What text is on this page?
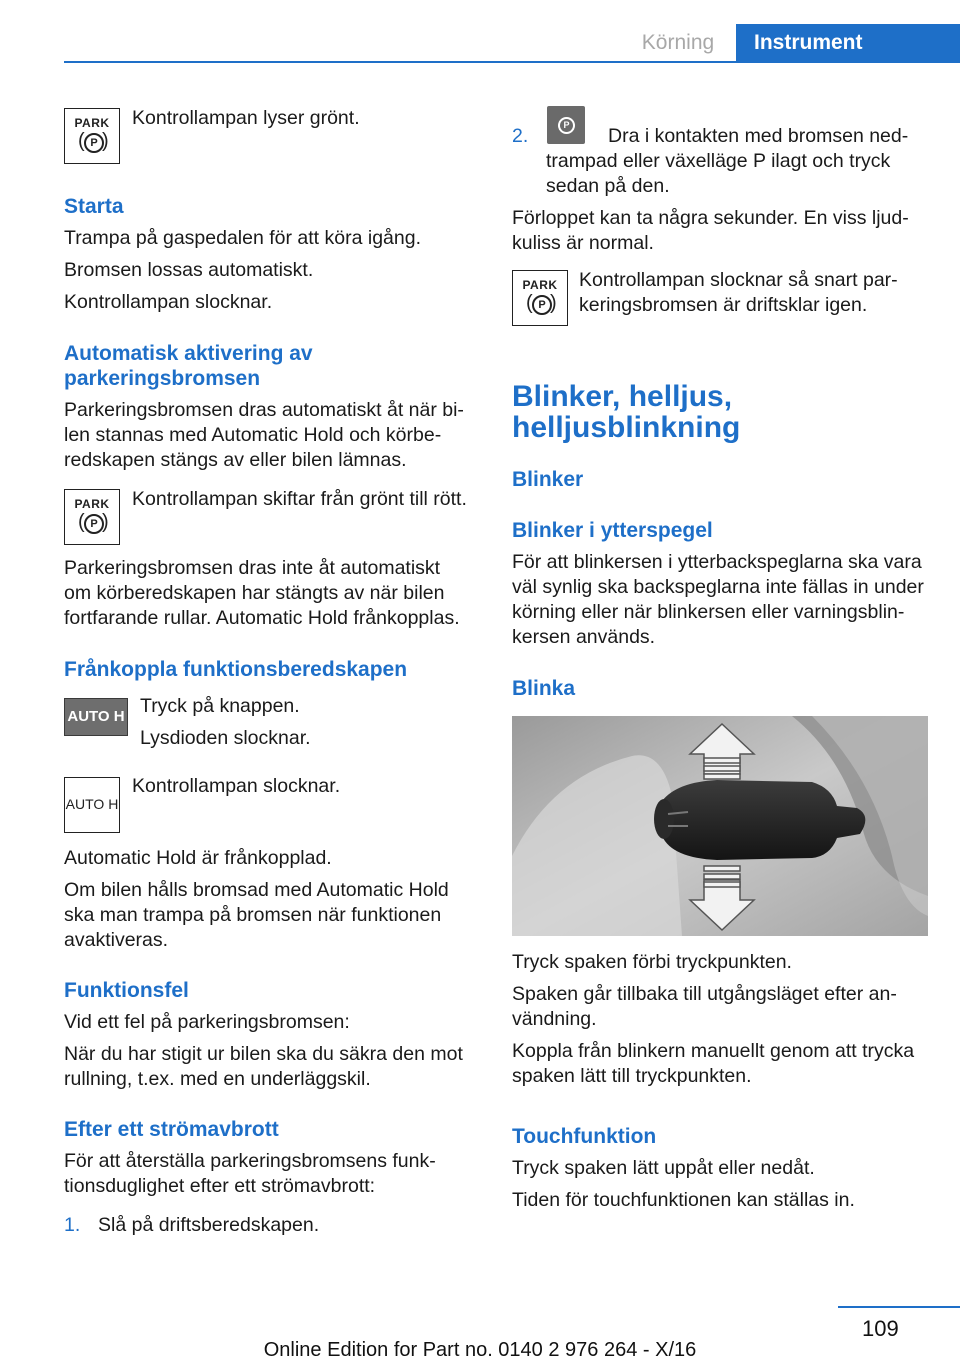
Körning	Instrument
PARK
( P )

Kontrollampan lyser grönt.

Starta

Trampa på gaspedalen för att köra igång.

Bromsen lossas automatiskt.

Kontrollampan slocknar.

Automatisk aktivering av
parkeringsbromsen

Parkeringsbromsen dras automatiskt åt när bi‐

len stannas med Automatic Hold och körbe‐

redskapen stängs av eller bilen lämnas.

PARK
( P )

Kontrollampan skiftar från grönt till rött.

Parkeringsbromsen dras inte åt automatiskt

om körberedskapen har stängts av när bilen

fortfarande rullar. Automatic Hold frånkopplas.

Frånkoppla funktionsberedskapen
AUTO H Tryck på knappen.

Lysdioden slocknar.

AUTO H

Kontrollampan slocknar.

Automatic Hold är frånkopplad.

Om bilen hålls bromsad med Automatic Hold

ska man trampa på bromsen när funktionen

avaktiveras.

Funktionsfel

Vid ett fel på parkeringsbromsen:

När du har stigit ur bilen ska du säkra den mot

rullning, t.ex. med en underläggskil.

Efter ett strömavbrott

För att återställa parkeringsbromsens funk‐

tionsduglighet efter ett strömavbrott:

1. Slå på driftsberedskapen.

2.	P Dra i kontakten med bromsen ned‐

trampad eller växelläge P ilagt och tryck

sedan på den.

Förloppet kan ta några sekunder. En viss ljud‐

kuliss är normal.

PARK
( P )

Kontrollampan slocknar så snart par‐

keringsbromsen är driftsklar igen.

Blinker, helljus,
helljusblinkning
Blinker
Blinker i ytterspegel

För att blinkersen i ytterbackspeglarna ska vara

väl synlig ska backspeglarna inte fällas in under

körning eller när blinkersen eller varningsblin‐

kersen används.

Blinka

Tryck spaken förbi tryckpunkten.

Spaken går tillbaka till utgångsläget efter an‐

vändning.

Koppla från blinkern manuellt genom att trycka

spaken lätt till tryckpunkten.

Touchfunktion

Tryck spaken lätt uppåt eller nedåt.

Tiden för touchfunktionen kan ställas in.

109
Online Edition for Part no. 0140 2 976 264 - X/16
